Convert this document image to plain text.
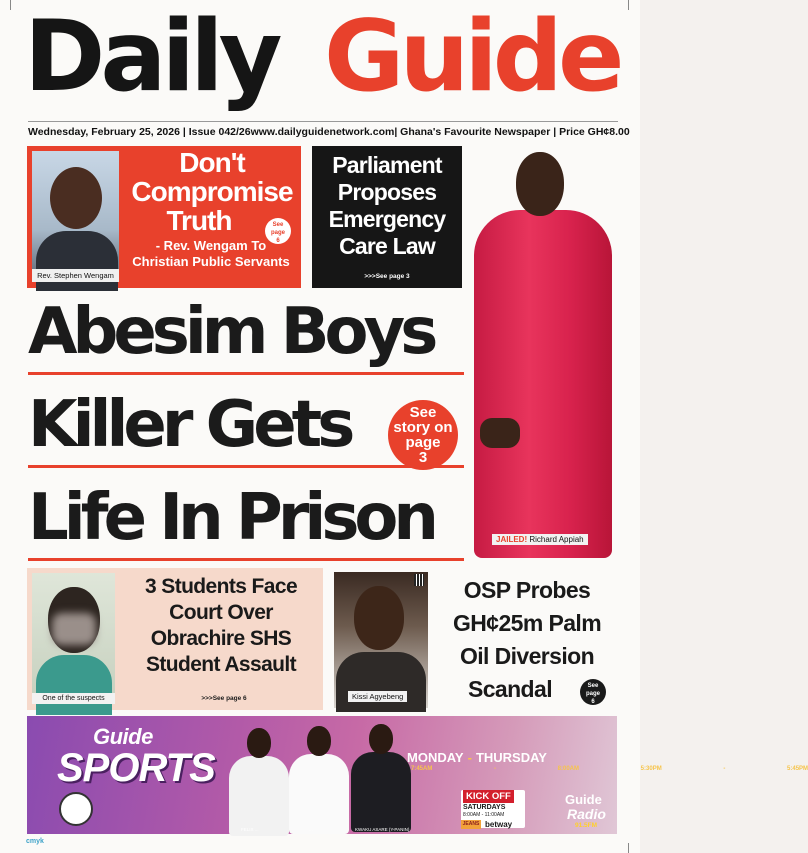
Daily Guide
Wednesday, February 25, 2026 | Issue 042/26 www.dailyguidenetwork.com | Ghana's Favourite Newspaper | Price GH¢8.00
Rev. Stephen Wengam
Don't
Compromise
Truth	See
page
6
- Rev. Wengam To
Christian Public Servants
Parliament
Proposes
Emergency
Care Law
>>>See page 3
JAILED! Richard Appiah
Abesim Boys
Killer Gets
Life In Prison
See
story on
page
3
One of the suspects
3 Students Face
Court Over
Obrachire SHS
Student Assault
>>>See page 6	Kissi Agyebeng
OSP Probes
GH¢25m Palm
Oil Diversion
Scandal	See
page
6
Guide
SPORTS
FELIX ...	...	KWAKU ASARE (Y-PANIN)
MONDAY - THURSDAY
7:45AM - 8:00AM 5:30PM - 5:45PM
KICK OFF
SATURDAYS
8:00AM - 11:00AM
JEANS betway
Guide
Radio
91.5FM
cmyk
